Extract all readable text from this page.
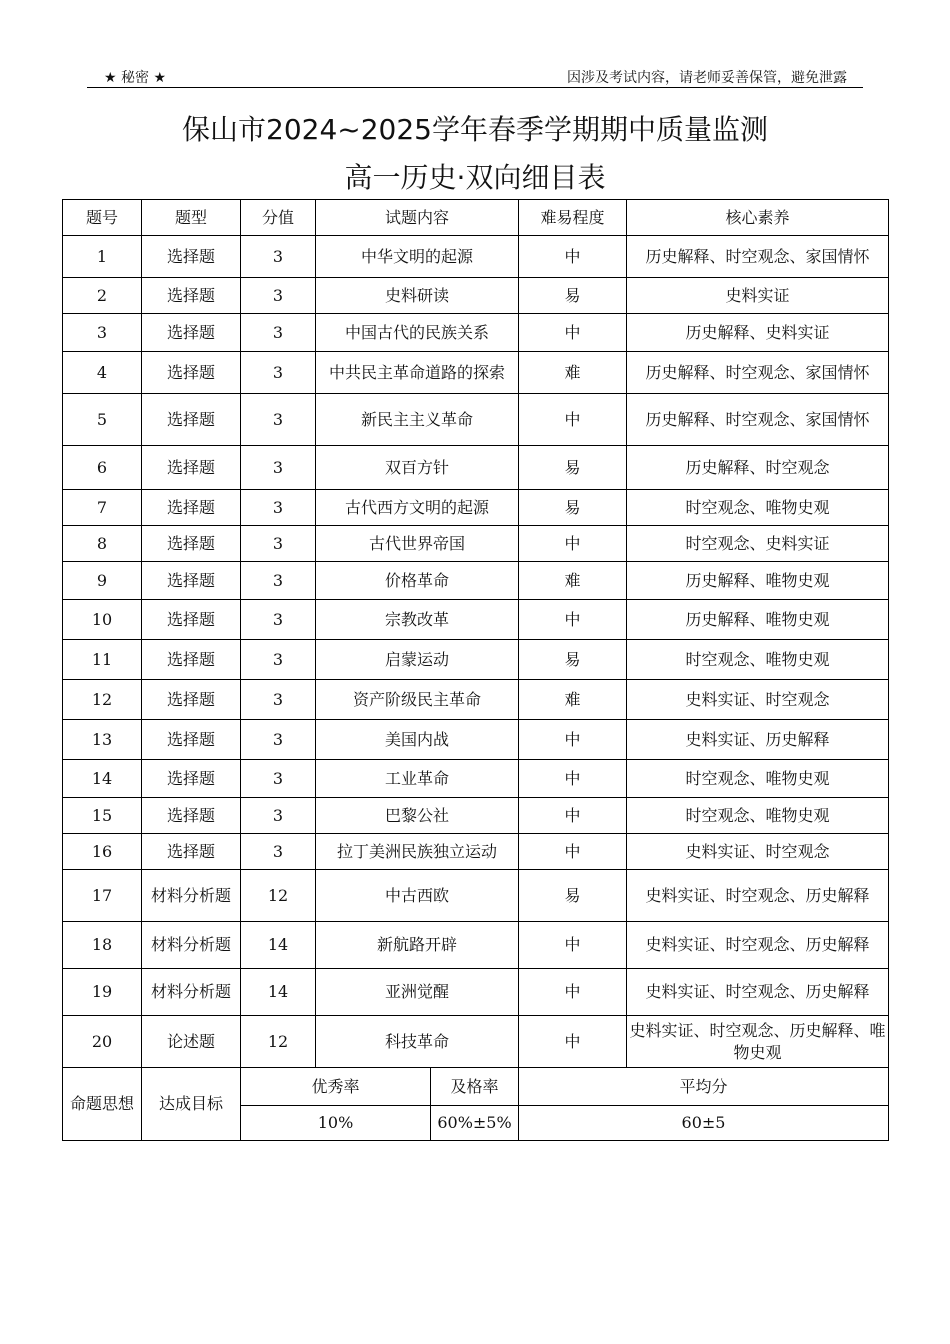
★ 秘密 ★	因涉及考试内容，请老师妥善保管，避免泄露
保山市2024~2025学年春季学期期中质量监测
高一历史·双向细目表
题号	题型	分值	试题内容		难易程度	核心素养
1	选择题	3	中华文明的起源		中	历史解释、时空观念、家国情怀
2	选择题	3	史料研读		易	史料实证
3	选择题	3	中国古代的民族关系		中	历史解释、史料实证
4	选择题	3	中共民主革命道路的探索		难	历史解释、时空观念、家国情怀
5	选择题	3	新民主主义革命		中	历史解释、时空观念、家国情怀
6	选择题	3	双百方针		易	历史解释、时空观念
7	选择题	3	古代西方文明的起源		易	时空观念、唯物史观
8	选择题	3	古代世界帝国		中	时空观念、史料实证
9	选择题	3	价格革命		难	历史解释、唯物史观
10	选择题	3	宗教改革		中	历史解释、唯物史观
11	选择题	3	启蒙运动		易	时空观念、唯物史观
12	选择题	3	资产阶级民主革命		难	史料实证、时空观念
13	选择题	3	美国内战		中	史料实证、历史解释
14	选择题	3	工业革命		中	时空观念、唯物史观
15	选择题	3	巴黎公社		中	时空观念、唯物史观
16	选择题	3	拉丁美洲民族独立运动		中	史料实证、时空观念
17	材料分析题	12	中古西欧		易	史料实证、时空观念、历史解释
18	材料分析题	14	新航路开辟		中	史料实证、时空观念、历史解释
19	材料分析题	14	亚洲觉醒		中	史料实证、时空观念、历史解释
20	论述题	12	科技革命		中	史料实证、时空观念、历史解释、唯物史观
命题思想	达成目标	优秀率		及格率	平均分	
		10%		60%±5%	60±5	
